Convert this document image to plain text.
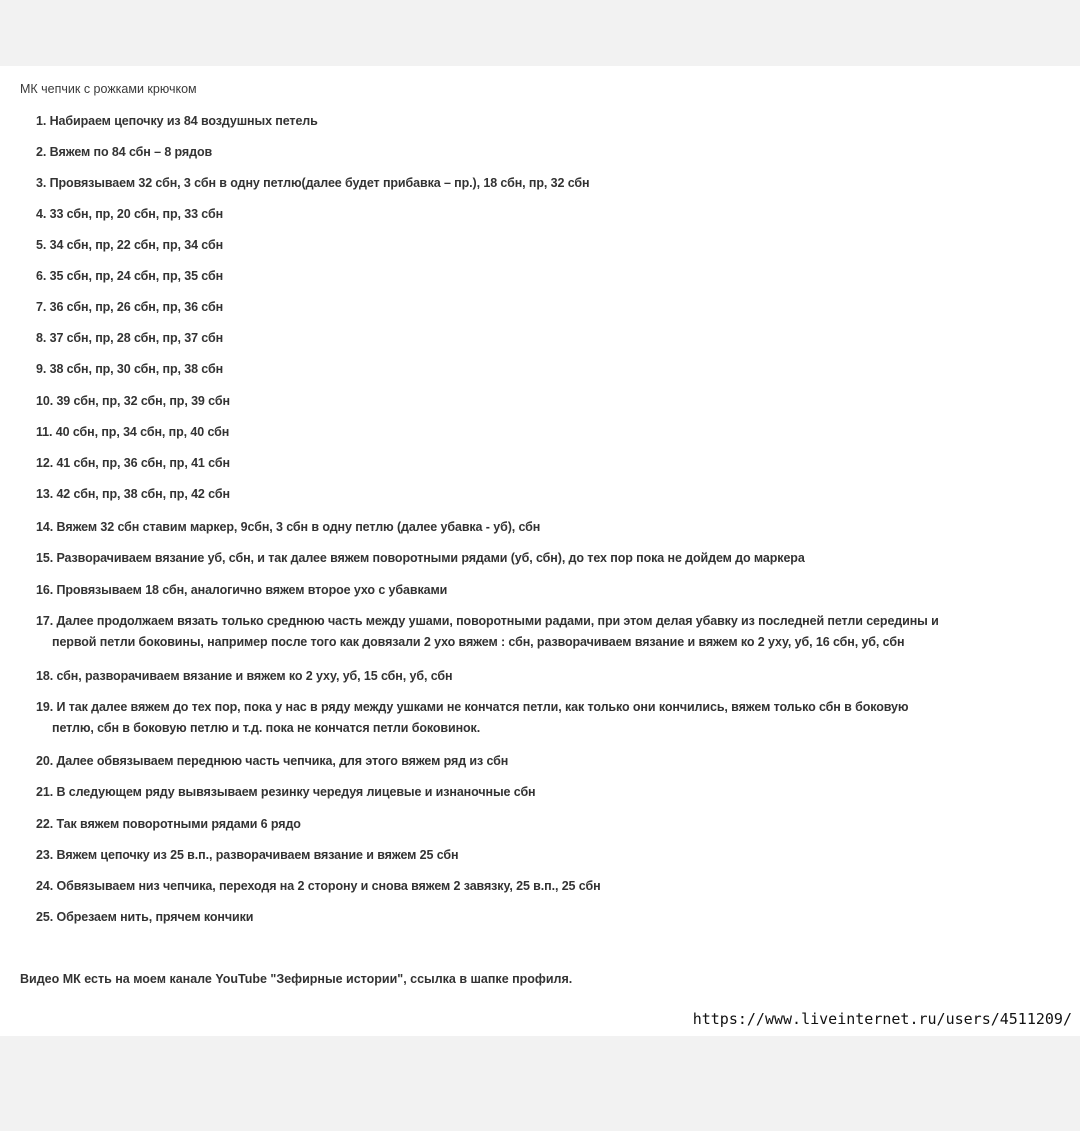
МК чепчик с рожками крючком
1. Набираем цепочку из 84 воздушных петель
2. Вяжем по 84 сбн – 8 рядов
3. Провязываем 32 сбн, 3 сбн в одну петлю(далее будет прибавка – пр.), 18 сбн, пр, 32 сбн
4. 33 сбн, пр, 20 сбн, пр, 33 сбн
5. 34 сбн, пр, 22 сбн, пр, 34 сбн
6. 35 сбн, пр, 24 сбн, пр, 35 сбн
7. 36 сбн, пр, 26 сбн, пр, 36 сбн
8. 37 сбн, пр, 28 сбн, пр, 37 сбн
9. 38 сбн, пр, 30 сбн, пр, 38 сбн
10. 39 сбн, пр, 32 сбн, пр, 39 сбн
11. 40 сбн, пр, 34 сбн, пр, 40 сбн
12. 41 сбн, пр, 36 сбн, пр, 41 сбн
13. 42 сбн, пр, 38 сбн, пр, 42 сбн
14. Вяжем 32 сбн ставим маркер, 9сбн, 3 сбн в одну петлю (далее убавка - уб), сбн
15. Разворачиваем вязание уб, сбн, и так далее вяжем поворотными рядами (уб, сбн), до тех пор пока не дойдем до маркера
16. Провязываем 18 сбн, аналогично вяжем второе ухо с убавками
17. Далее продолжаем вязать только среднюю часть между ушами, поворотными радами, при этом делая убавку из последней петли середины и
первой петли боковины, например после того как довязали 2 ухо вяжем : сбн, разворачиваем вязание и вяжем ко 2 уху, уб, 16 сбн, уб, сбн
18. сбн, разворачиваем вязание и вяжем ко 2 уху, уб, 15 сбн, уб, сбн
19. И так далее вяжем до тех пор, пока у нас в ряду между ушками не кончатся петли, как только они кончились, вяжем только сбн в боковую
петлю, сбн в боковую петлю и т.д. пока не кончатся петли боковинок.
20. Далее обвязываем переднюю часть чепчика, для этого вяжем ряд из сбн
21. В следующем ряду вывязываем резинку чередуя лицевые и изнаночные сбн
22. Так вяжем поворотными рядами 6 рядо
23. Вяжем цепочку из 25 в.п., разворачиваем вязание и вяжем 25 сбн
24. Обвязываем низ чепчика, переходя на 2 сторону и снова вяжем 2 завязку, 25 в.п., 25 сбн
25. Обрезаем нить, прячем кончики
Видео МК есть на моем канале YouTube "Зефирные истории", ссылка в шапке профиля.
https://www.liveinternet.ru/users/4511209/
